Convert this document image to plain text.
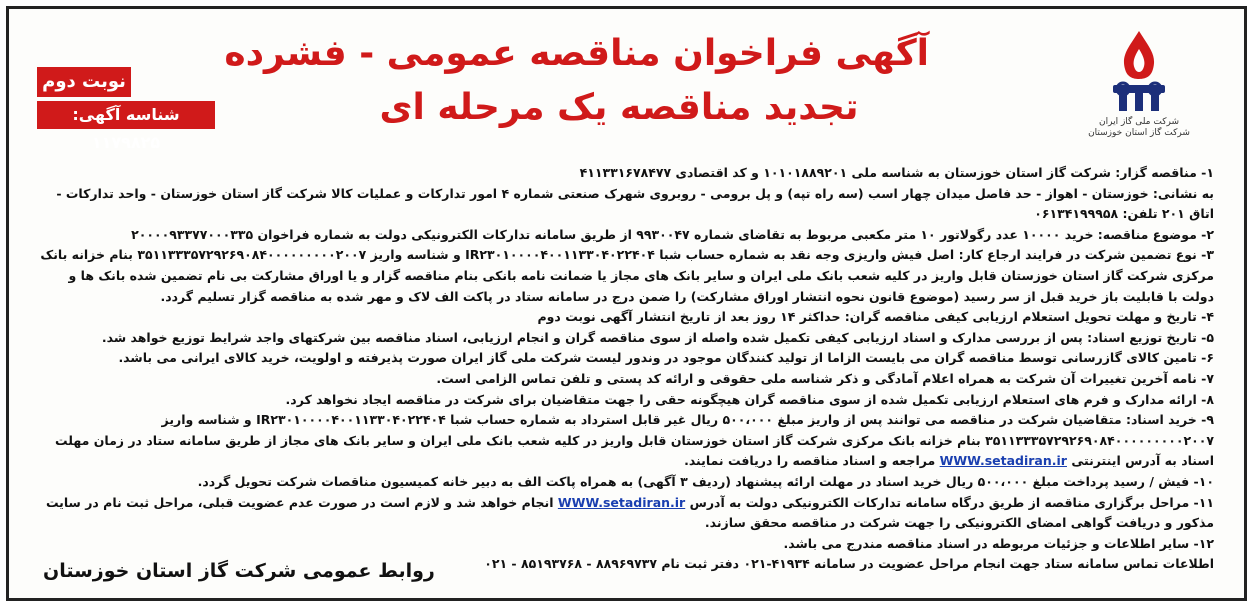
شرکت ملی گاز ایران
شرکت گاز استان خوزستان
آگهی فراخوان مناقصه عمومی - فشرده
تجدید مناقصه یک مرحله ای
نوبت دوم
شناسه آگهی: ۱۱۷۹۸۲۵

۱- مناقصه گزار: شرکت گاز استان خوزستان به شناسه ملی ۱۰۱۰۱۸۸۹۲۰۱ و کد اقتصادی ۴۱۱۳۳۱۶۷۸۴۷۷

به نشانی: خوزستان - اهواز - حد فاصل میدان چهار اسب (سه راه تپه) و پل برومی - روبروی شهرک صنعتی شماره ۴ امور تدارکات و عملیات کالا شرکت گاز استان خوزستان - واحد تدارکات - اتاق ۲۰۱ تلفن: ۰۶۱۳۴۱۹۹۹۵۸

۲- موضوع مناقصه: خرید ۱۰۰۰۰ عدد رگولاتور ۱۰ متر مکعبی مربوط به تقاضای شماره ۹۹۳۰۰۴۷ از طریق سامانه تدارکات الکترونیکی دولت به شماره فراخوان ۲۰۰۰۰۹۳۳۷۷۰۰۰۳۳۵

۳- نوع تضمین شرکت در فرایند ارجاع کار: اصل فیش واریزی وجه نقد به شماره حساب شبا IR۲۳۰۱۰۰۰۰۴۰۰۱۱۳۳۰۴۰۲۲۴۰۴ و شناسه واریز ۳۵۱۱۳۳۳۵۷۲۹۲۶۹۰۸۴۰۰۰۰۰۰۰۰۰۲۰۰۷ بنام خزانه بانک مرکزی شرکت گاز استان خوزستان قابل واریز در کلیه شعب بانک ملی ایران و سایر بانک های مجاز یا ضمانت نامه بانکی بنام مناقصه گزار و یا اوراق مشارکت بی نام تضمین شده بانک ها و دولت با قابلیت باز خرید قبل از سر رسید (موضوع قانون نحوه انتشار اوراق مشارکت) را ضمن درج در سامانه ستاد در پاکت الف لاک و مهر شده به مناقصه گزار تسلیم گردد.

۴- تاریخ و مهلت تحویل استعلام ارزیابی کیفی مناقصه گران: حداکثر ۱۴ روز بعد از تاریخ انتشار آگهی نوبت دوم

۵- تاریخ توزیع اسناد: پس از بررسی مدارک و اسناد ارزیابی کیفی تکمیل شده واصله از سوی مناقصه گران و انجام ارزیابی، اسناد مناقصه بین شرکتهای واجد شرایط توزیع خواهد شد.

۶- تامین کالای گازرسانی توسط مناقصه گران می بایست الزاما از تولید کنندگان موجود در وندور لیست شرکت ملی گاز ایران صورت پذیرفته و اولویت، خرید کالای ایرانی می باشد.

۷- نامه آخرین تغییرات آن شرکت به همراه اعلام آمادگی و ذکر شناسه ملی حقوقی و ارائه کد پستی و تلفن تماس الزامی است.

۸- ارائه مدارک و فرم های استعلام ارزیابی تکمیل شده از سوی مناقصه گران هیچگونه حقی را جهت متقاضیان برای شرکت در مناقصه ایجاد نخواهد کرد.

۹- خرید اسناد: متقاضیان شرکت در مناقصه می توانند پس از واریز مبلغ ۵۰۰،۰۰۰ ریال غیر قابل استرداد به شماره حساب شبا IR۲۳۰۱۰۰۰۰۴۰۰۱۱۳۳۰۴۰۲۲۴۰۴ و شناسه واریز ۳۵۱۱۳۳۳۵۷۲۹۲۶۹۰۸۴۰۰۰۰۰۰۰۰۰۲۰۰۷ بنام خزانه بانک مرکزی شرکت گاز استان خوزستان قابل واریز در کلیه شعب بانک ملی ایران و سایر بانک های مجاز از طریق سامانه ستاد در زمان مهلت اسناد به آدرس اینترنتی WWW.setadiran.ir مراجعه و اسناد مناقصه را دریافت نمایند.

۱۰- فیش / رسید پرداخت مبلغ ۵۰۰،۰۰۰ ریال خرید اسناد در مهلت ارائه پیشنهاد (ردیف ۳ آگهی) به همراه پاکت الف به دبیر خانه کمیسیون مناقصات شرکت تحویل گردد.

۱۱- مراحل برگزاری مناقصه از طریق درگاه سامانه تدارکات الکترونیکی دولت به آدرس WWW.setadiran.ir انجام خواهد شد و لازم است در صورت عدم عضویت قبلی، مراحل ثبت نام در سایت مذکور و دریافت گواهی امضای الکترونیکی را جهت شرکت در مناقصه محقق سازند.

۱۲- سایر اطلاعات و جزئیات مربوطه در اسناد مناقصه مندرج می باشد.

اطلاعات تماس سامانه ستاد جهت انجام مراحل عضویت در سامانه ۴۱۹۳۴-۰۲۱ دفتر ثبت نام ۸۸۹۶۹۷۳۷ - ۸۵۱۹۳۷۶۸ - ۰۲۱

روابط عمومی شرکت گاز استان خوزستان
